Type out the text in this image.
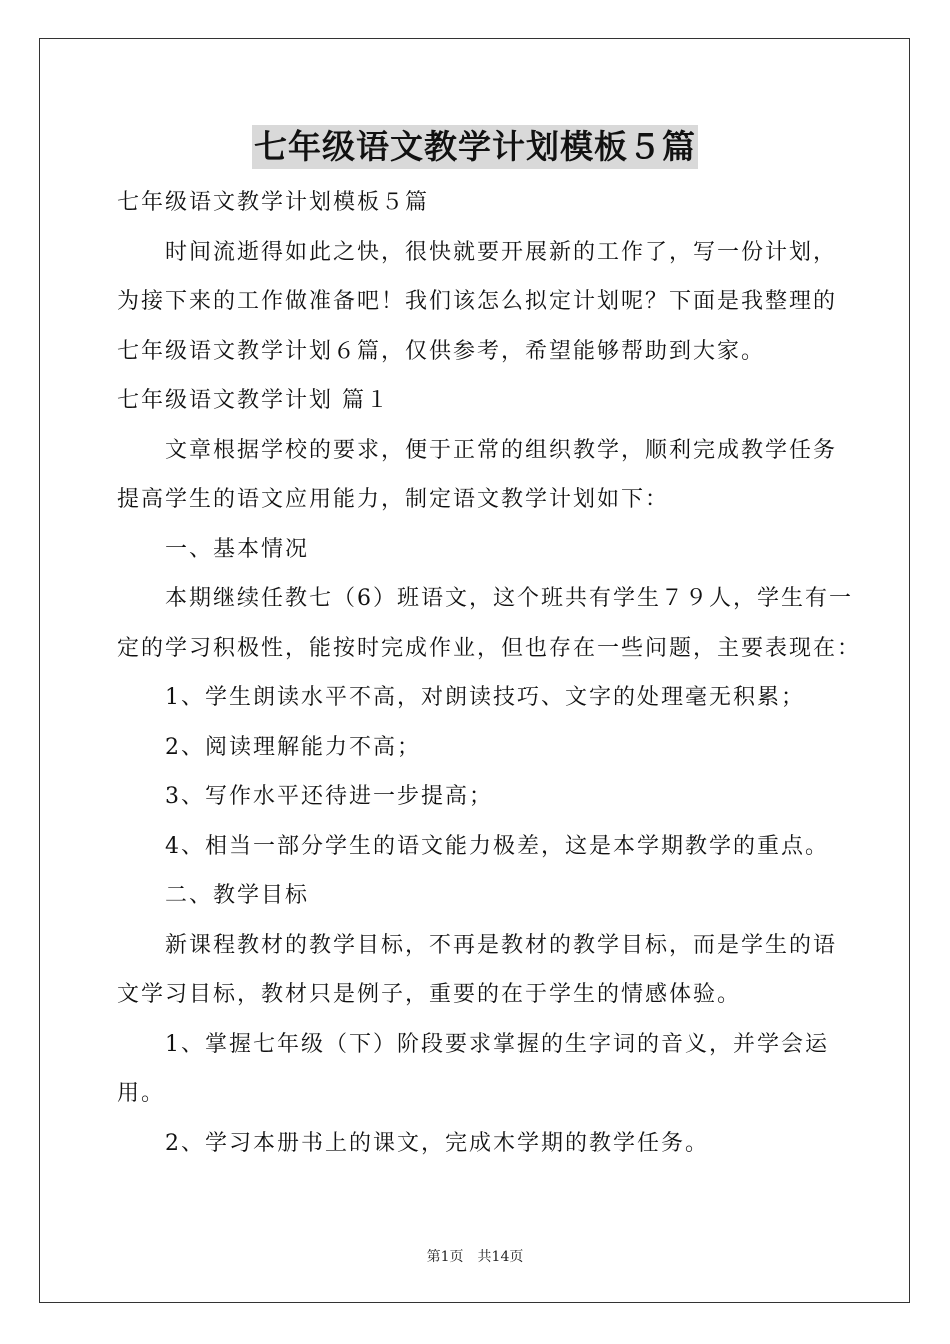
七年级语文教学计划模板５篇
七年级语文教学计划模板５篇
时间流逝得如此之快，很快就要开展新的工作了，写一份计划，
为接下来的工作做准备吧！我们该怎么拟定计划呢？下面是我整理的
七年级语文教学计划６篇，仅供参考，希望能够帮助到大家。
七年级语文教学计划 篇１
文章根据学校的要求，便于正常的组织教学，顺利完成教学任务
提高学生的语文应用能力，制定语文教学计划如下：
一、基本情况
本期继续任教七（6）班语文，这个班共有学生７９人，学生有一
定的学习积极性，能按时完成作业，但也存在一些问题，主要表现在：
1、学生朗读水平不高，对朗读技巧、文字的处理毫无积累；
2、阅读理解能力不高；
3、写作水平还待进一步提高；
4、相当一部分学生的语文能力极差，这是本学期教学的重点。
二、教学目标
新课程教材的教学目标，不再是教材的教学目标，而是学生的语
文学习目标，教材只是例子，重要的在于学生的情感体验。
1、掌握七年级（下）阶段要求掌握的生字词的音义，并学会运
用。
2、学习本册书上的课文，完成木学期的教学任务。
第1页 共14页
